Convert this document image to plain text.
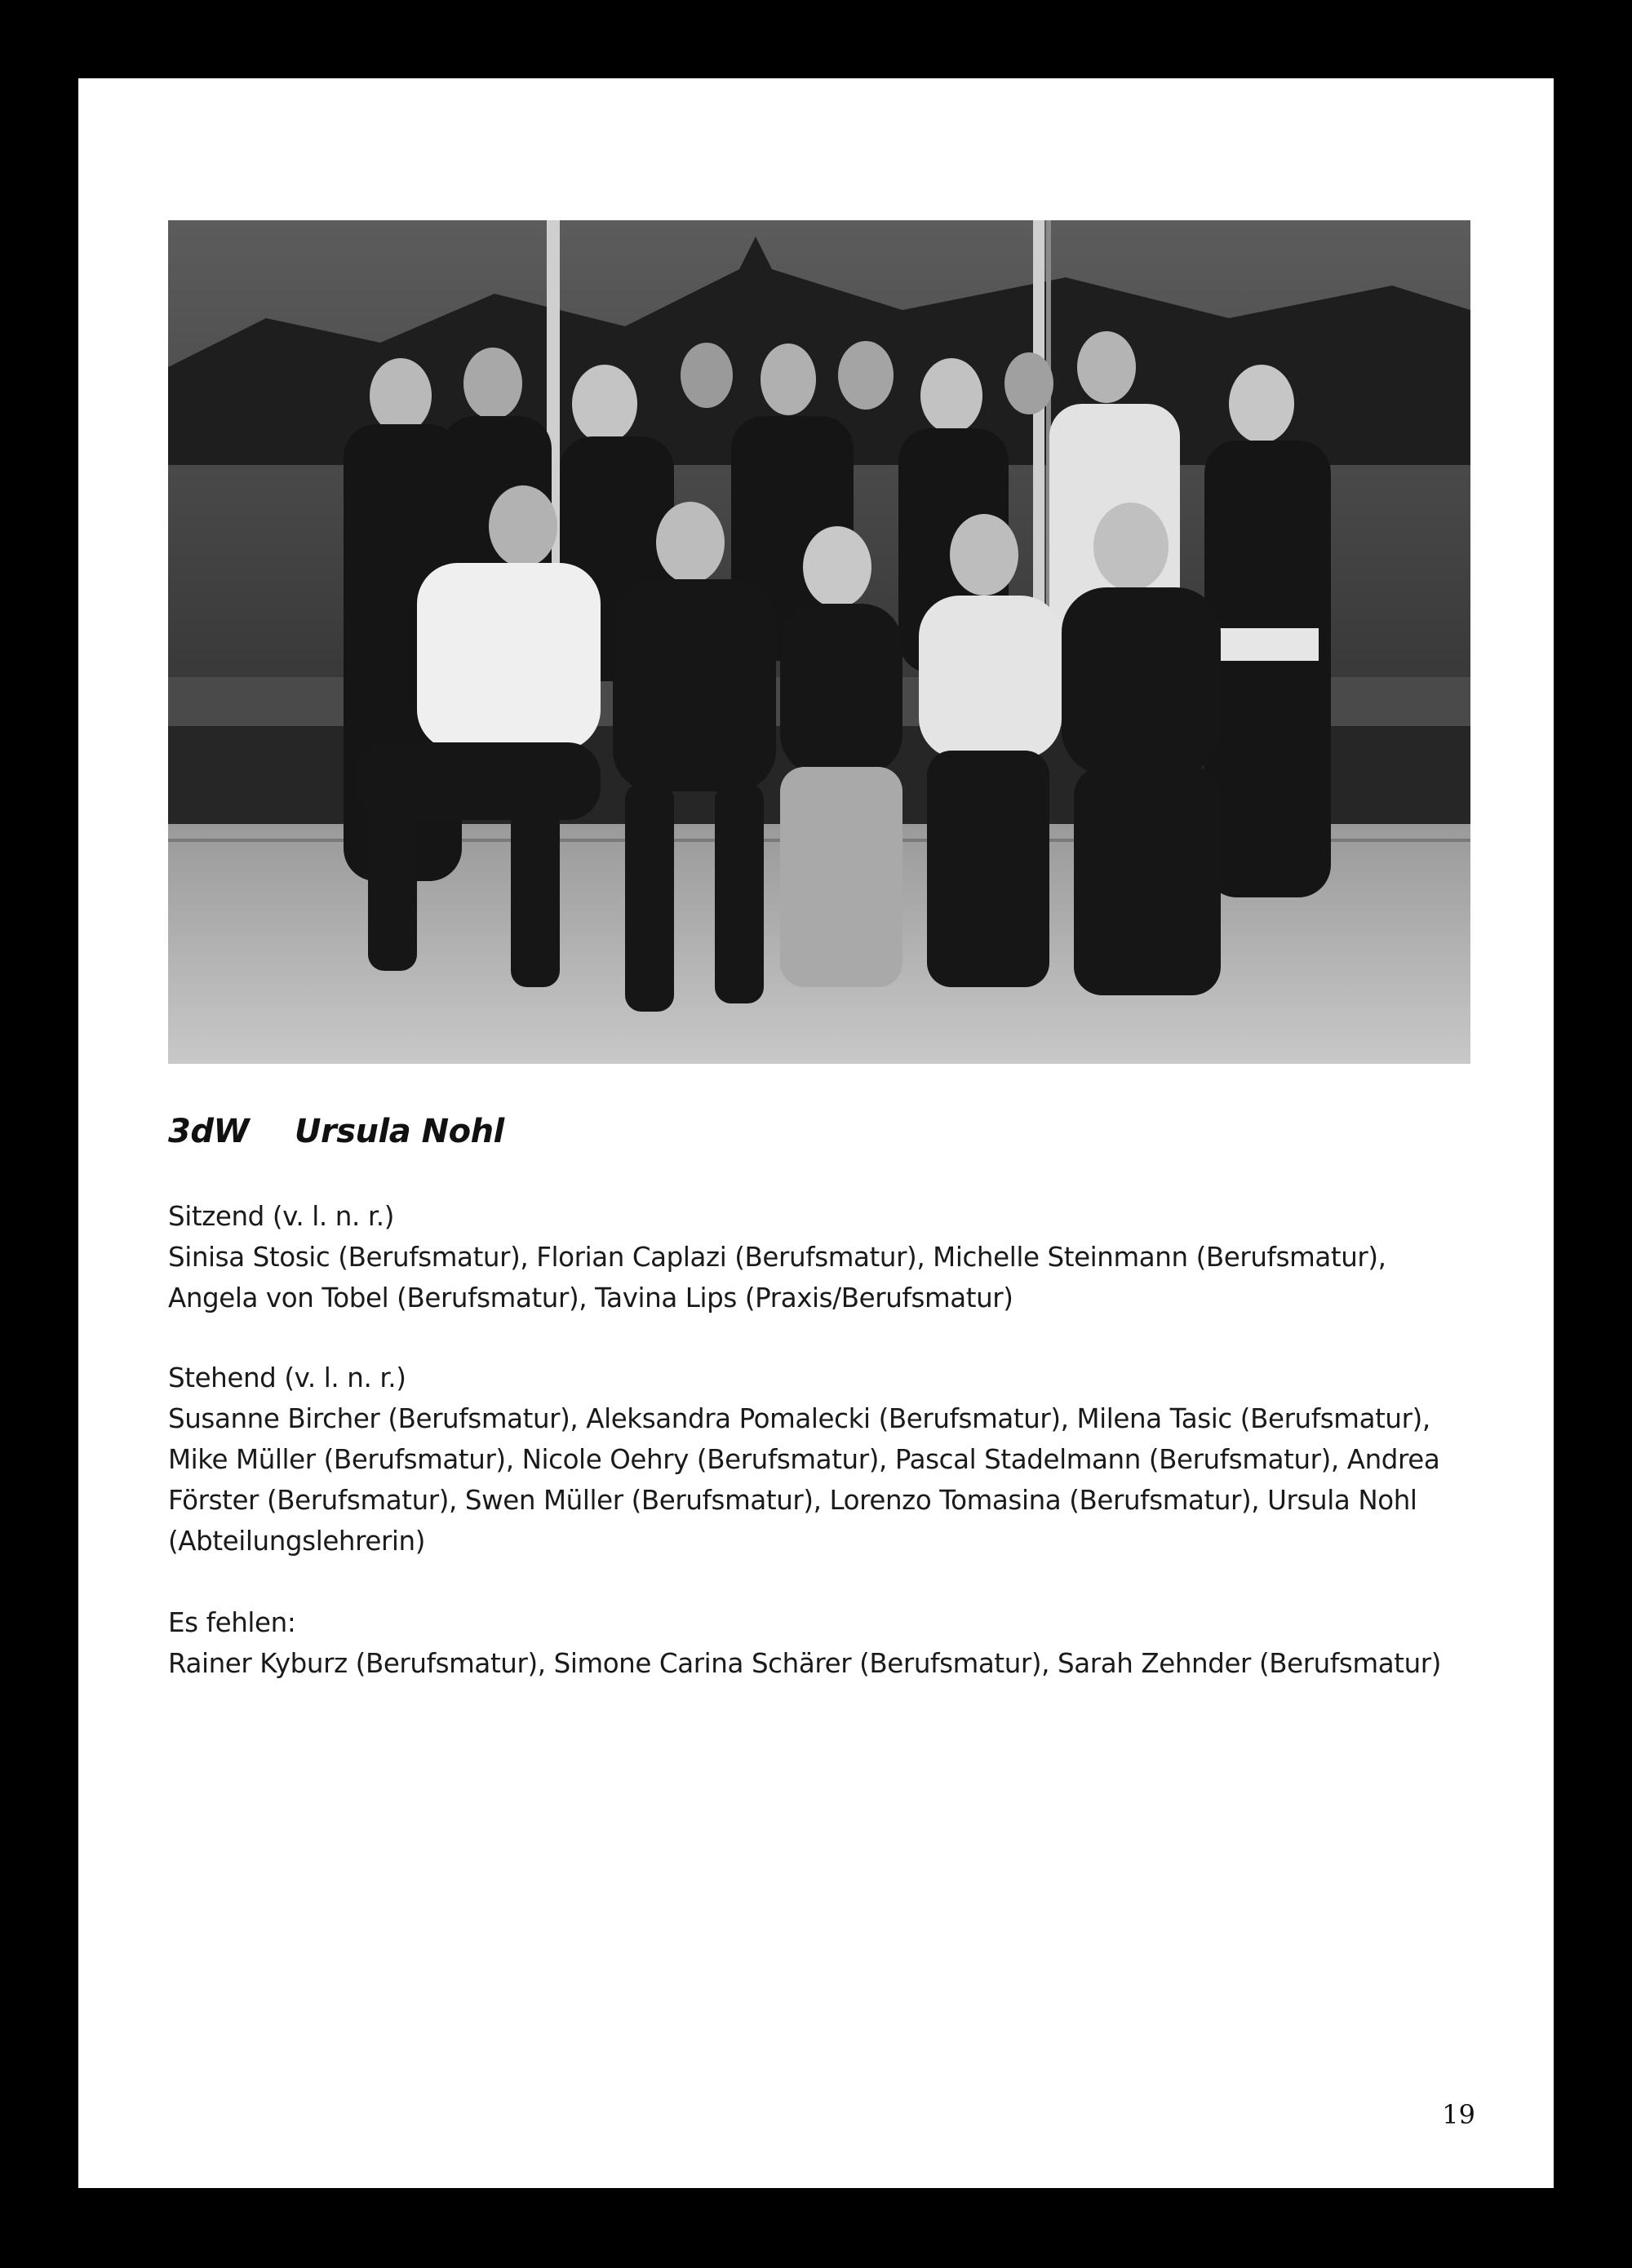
3dW Ursula Nohl

Sitzend (v. l. n. r.)

Sinisa Stosic (Berufsmatur), Florian Caplazi (Berufsmatur), Michelle Steinmann (Berufsmatur), Angela von Tobel (Berufsmatur), Tavina Lips (Praxis/Berufsmatur)

Stehend (v. l. n. r.)

Susanne Bircher (Berufsmatur), Aleksandra Pomalecki (Berufsmatur), Milena Tasic (Berufsmatur), Mike Müller (Berufsmatur), Nicole Oehry (Berufsmatur), Pascal Stadelmann (Berufsmatur), Andrea Förster (Berufsmatur), Swen Müller (Berufsmatur), Lorenzo Tomasina (Berufsmatur), Ursula Nohl (Abteilungslehrerin)

Es fehlen:

Rainer Kyburz (Berufsmatur), Simone Carina Schärer (Berufsmatur), Sarah Zehnder (Berufsmatur)

19
